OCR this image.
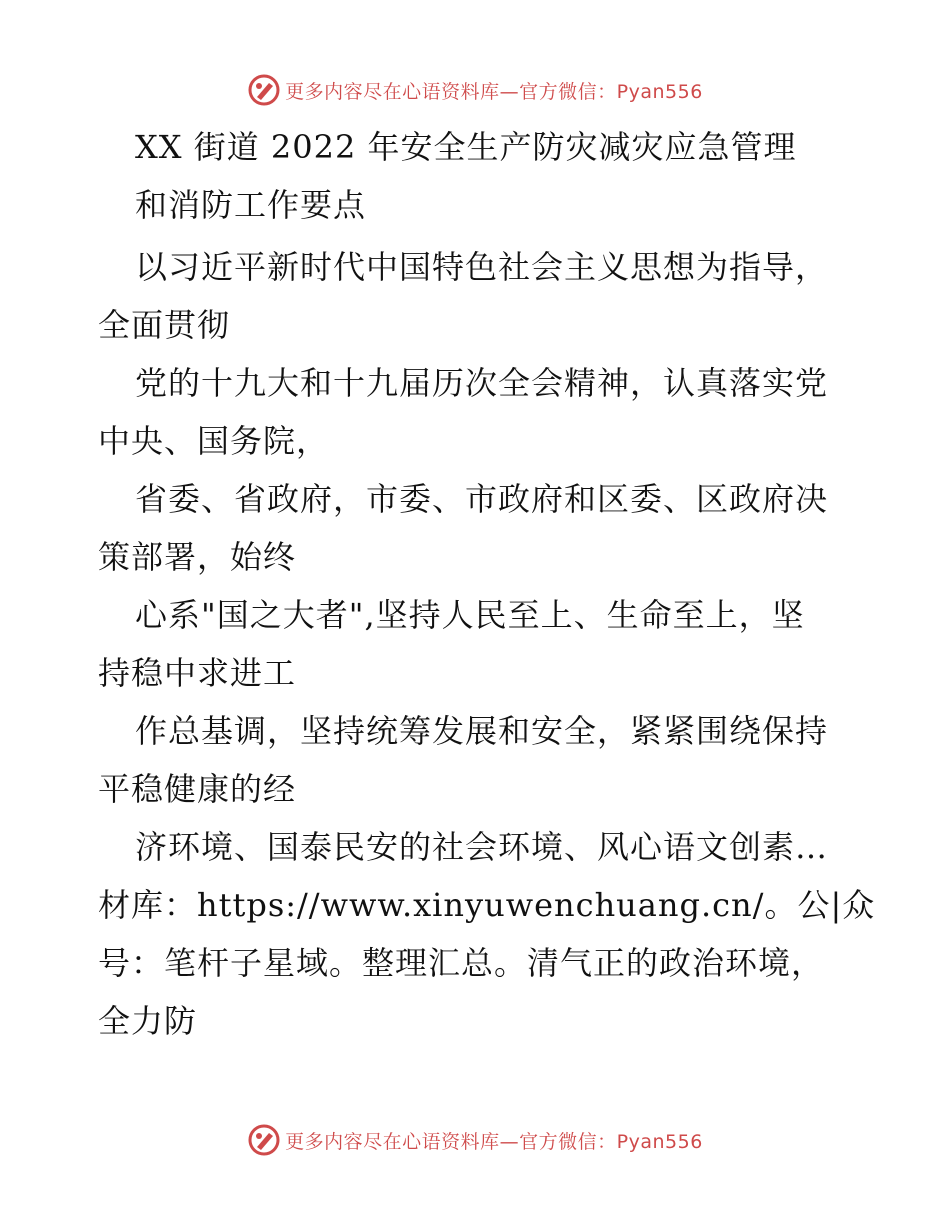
更多内容尽在心语资料库—官方微信：Pyan556
XX 街道 2022 年安全生产防灾减灾应急管理
和消防工作要点
以习近平新时代中国特色社会主义思想为指导，
全面贯彻
党的十九大和十九届历次全会精神，认真落实党
中央、国务院，
省委、省政府，市委、市政府和区委、区政府决
策部署，始终
心系"国之大者",坚持人民至上、生命至上，坚
持稳中求进工
作总基调，坚持统筹发展和安全，紧紧围绕保持
平稳健康的经
济环境、国泰民安的社会环境、风心语文创素…
材库：https://www.xinyuwenchuang.cn/。公|众
号：笔杆子星域。整理汇总。清气正的政治环境，
全力防
更多内容尽在心语资料库—官方微信：Pyan556
